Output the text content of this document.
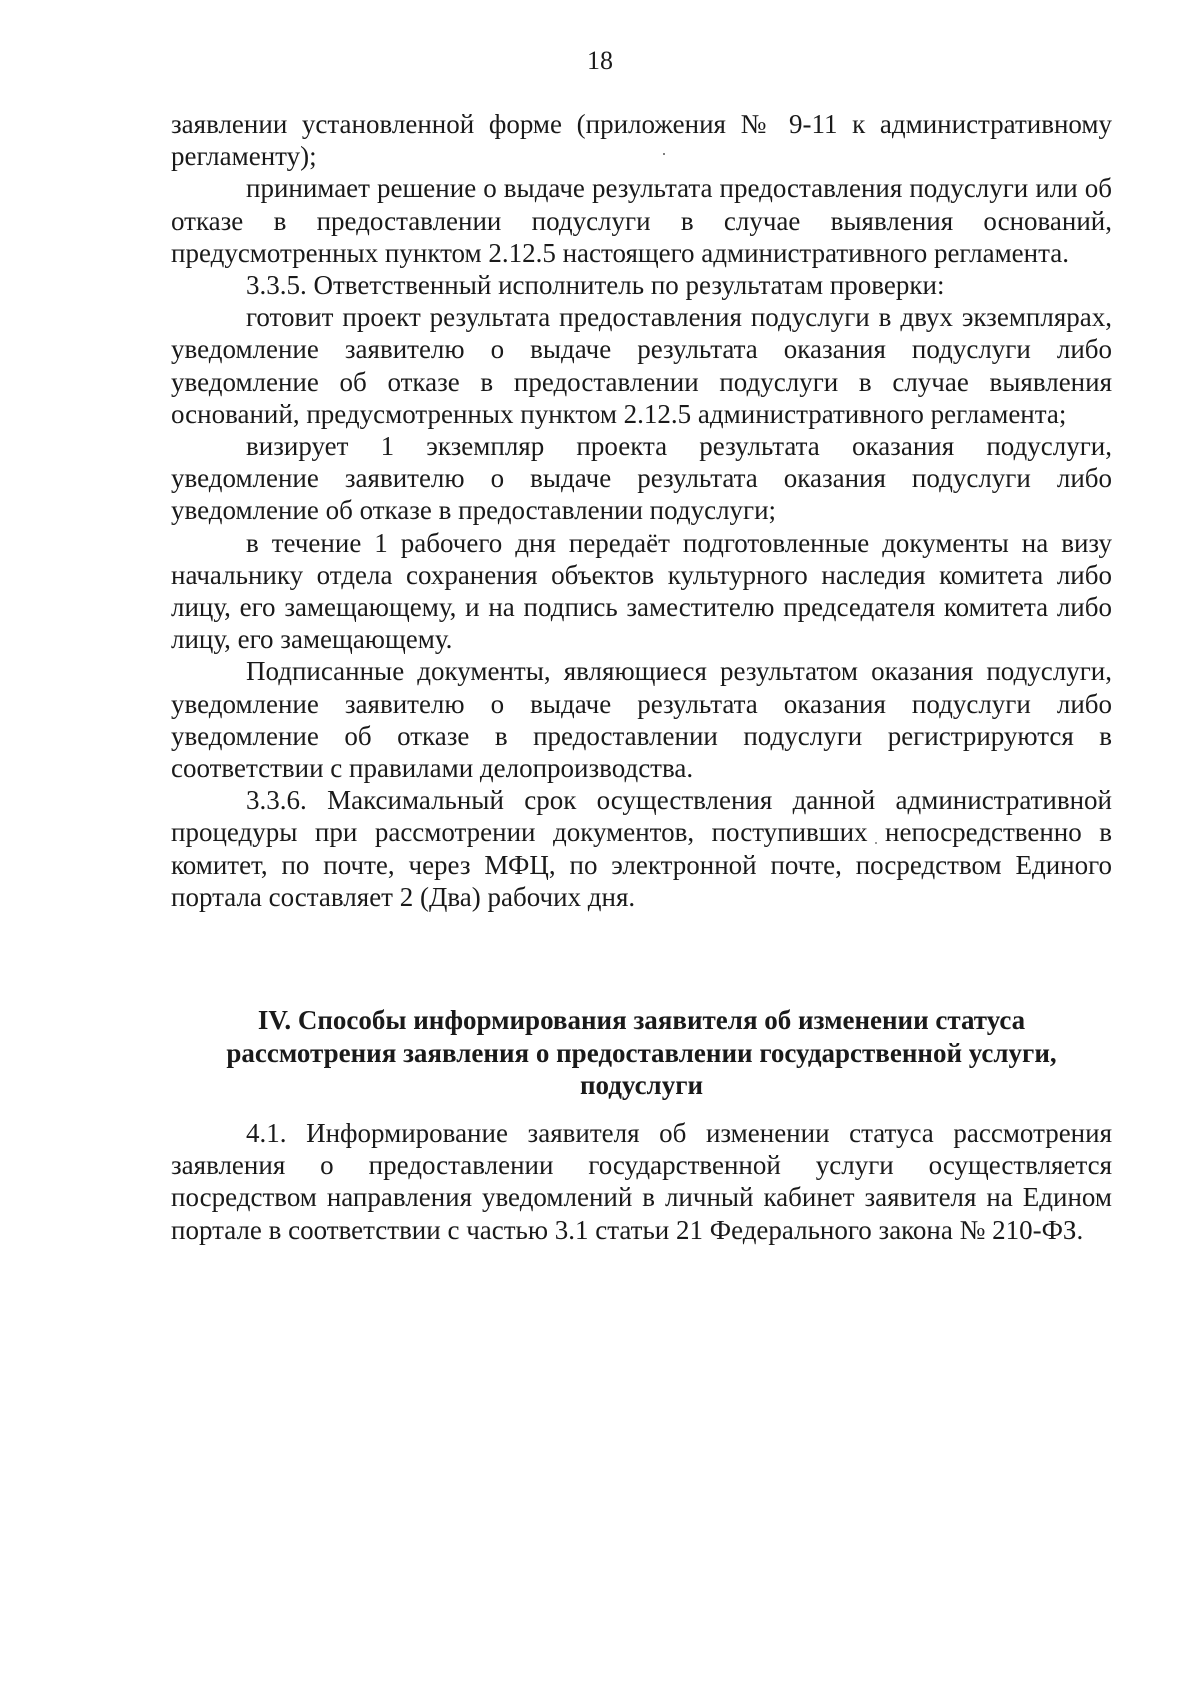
18

заявлении установленной форме (приложения № 9-11 к административному регламенту);

принимает решение о выдаче результата предоставления подуслуги или об отказе в предоставлении подуслуги в случае выявления оснований, предусмотренных пунктом 2.12.5 настоящего административного регламента.

3.3.5. Ответственный исполнитель по результатам проверки:

готовит проект результата предоставления подуслуги в двух экземплярах, уведомление заявителю о выдаче результата оказания подуслуги либо уведомление об отказе в предоставлении подуслуги в случае выявления оснований, предусмотренных пунктом 2.12.5 административного регламента;

визирует 1 экземпляр проекта результата оказания подуслуги, уведомление заявителю о выдаче результата оказания подуслуги либо уведомление об отказе в предоставлении подуслуги;

в течение 1 рабочего дня передаёт подготовленные документы на визу начальнику отдела сохранения объектов культурного наследия комитета либо лицу, его замещающему, и на подпись заместителю председателя комитета либо лицу, его замещающему.

Подписанные документы, являющиеся результатом оказания подуслуги, уведомление заявителю о выдаче результата оказания подуслуги либо уведомление об отказе в предоставлении подуслуги регистрируются в соответствии с правилами делопроизводства.

3.3.6. Максимальный срок осуществления данной административной процедуры при рассмотрении документов, поступивших непосредственно в комитет, по почте, через МФЦ, по электронной почте, посредством Единого портала составляет 2 (Два) рабочих дня.

IV. Способы информирования заявителя об изменении статуса
рассмотрения заявления о предоставлении государственной услуги,
подуслуги

4.1. Информирование заявителя об изменении статуса рассмотрения заявления о предоставлении государственной услуги осуществляется посредством направления уведомлений в личный кабинет заявителя на Едином портале в соответствии с частью 3.1 статьи 21 Федерального закона № 210-ФЗ.
